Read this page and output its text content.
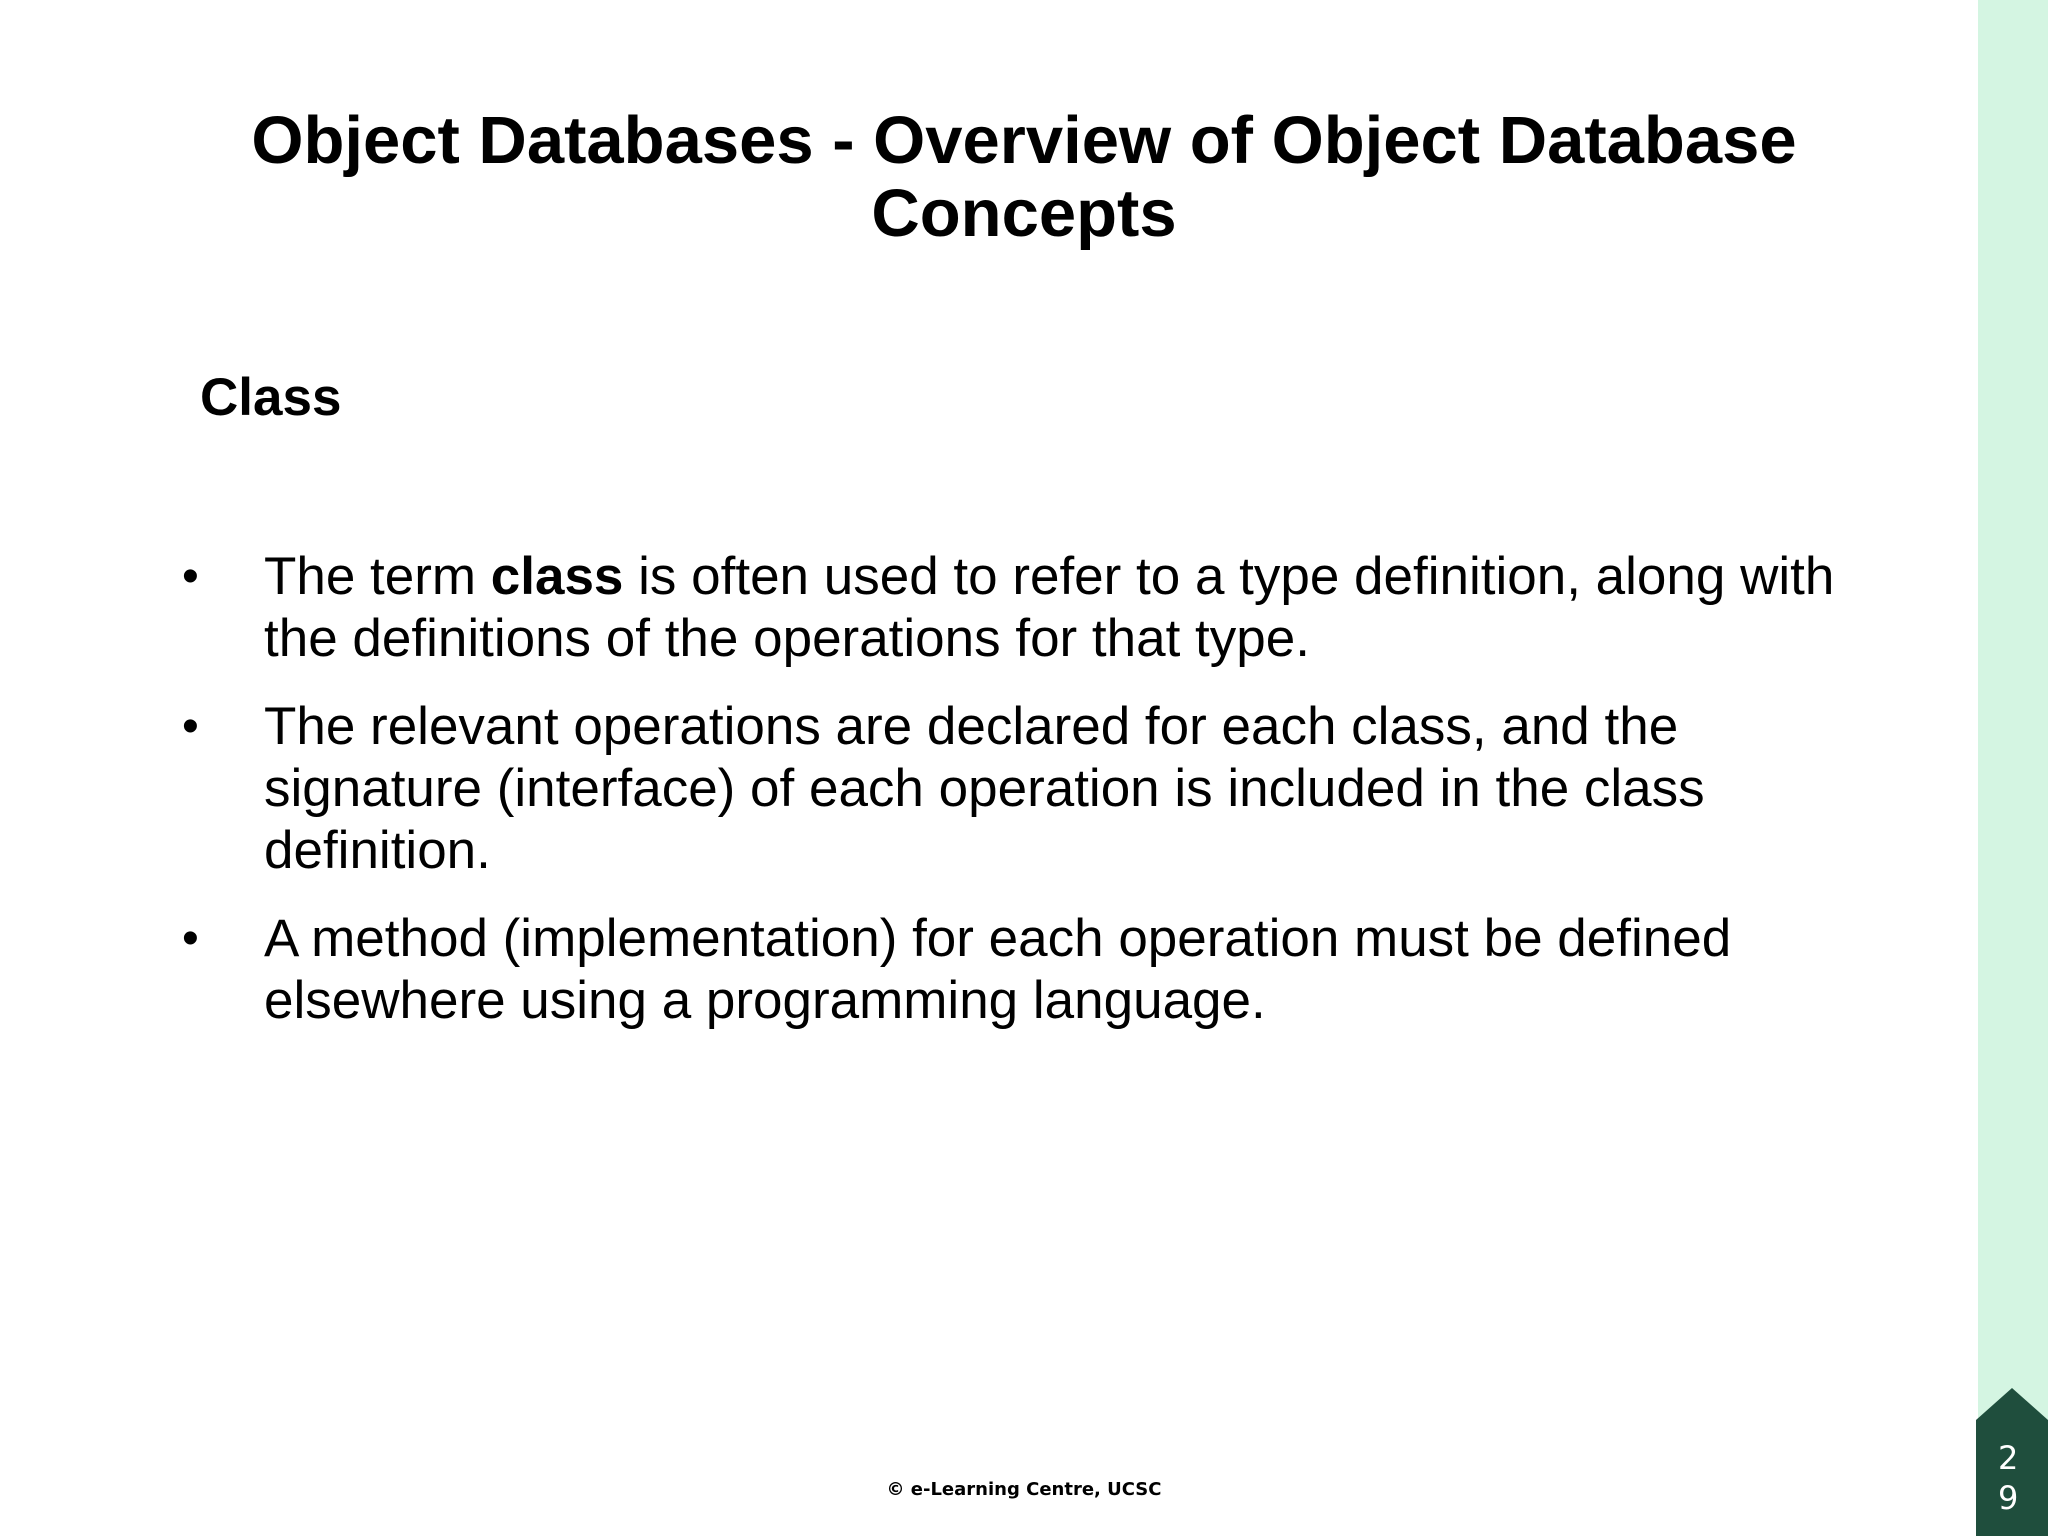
Object Databases - Overview of Object Database Concepts
Class
• The term class is often used to refer to a type definition, along with the definitions of the operations for that type.
• The relevant operations are declared for each class, and the signature (interface) of each operation is included in the class definition.
• A method (implementation) for each operation must be defined elsewhere using a programming language.
© e-Learning Centre, UCSC
2
9
